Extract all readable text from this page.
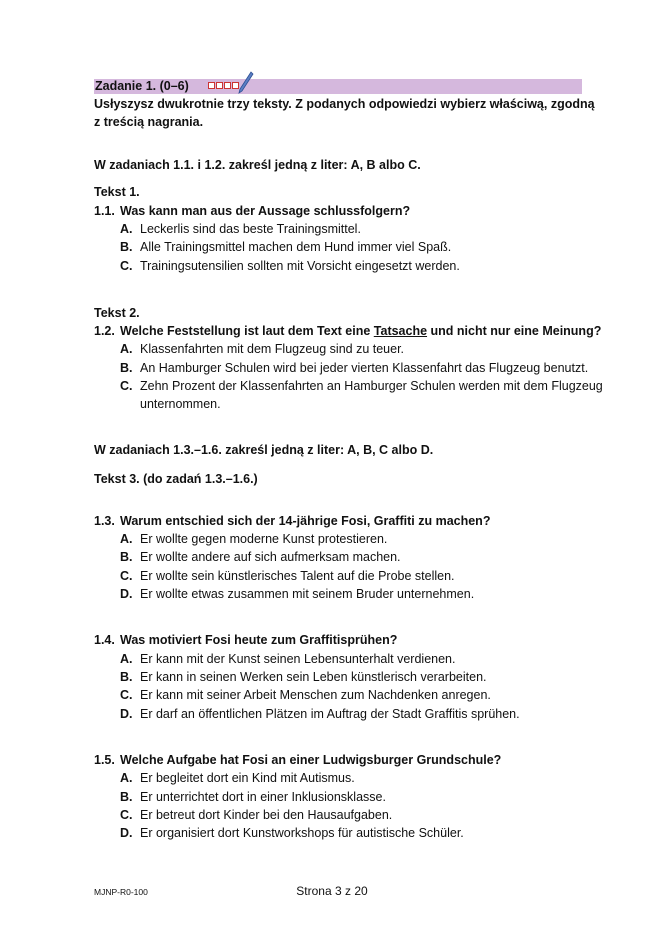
Zadanie 1. (0–6)
Usłyszysz dwukrotnie trzy teksty. Z podanych odpowiedzi wybierz właściwą, zgodną
z treścią nagrania.
W zadaniach 1.1. i 1.2. zakreśl jedną z liter: A, B albo C.
Tekst 1.
1.1. Was kann man aus der Aussage schlussfolgern?
A. Leckerlis sind das beste Trainingsmittel.
B. Alle Trainingsmittel machen dem Hund immer viel Spaß.
C. Trainingsutensilien sollten mit Vorsicht eingesetzt werden.
Tekst 2.
1.2. Welche Feststellung ist laut dem Text eine Tatsache und nicht nur eine Meinung?
A. Klassenfahrten mit dem Flugzeug sind zu teuer.
B. An Hamburger Schulen wird bei jeder vierten Klassenfahrt das Flugzeug benutzt.
C. Zehn Prozent der Klassenfahrten an Hamburger Schulen werden mit dem Flugzeug
unternommen.
W zadaniach 1.3.–1.6. zakreśl jedną z liter: A, B, C albo D.
Tekst 3. (do zadań 1.3.–1.6.)
1.3. Warum entschied sich der 14-jährige Fosi, Graffiti zu machen?
A. Er wollte gegen moderne Kunst protestieren.
B. Er wollte andere auf sich aufmerksam machen.
C. Er wollte sein künstlerisches Talent auf die Probe stellen.
D. Er wollte etwas zusammen mit seinem Bruder unternehmen.
1.4. Was motiviert Fosi heute zum Graffitisprühen?
A. Er kann mit der Kunst seinen Lebensunterhalt verdienen.
B. Er kann in seinen Werken sein Leben künstlerisch verarbeiten.
C. Er kann mit seiner Arbeit Menschen zum Nachdenken anregen.
D. Er darf an öffentlichen Plätzen im Auftrag der Stadt Graffitis sprühen.
1.5. Welche Aufgabe hat Fosi an einer Ludwigsburger Grundschule?
A. Er begleitet dort ein Kind mit Autismus.
B. Er unterrichtet dort in einer Inklusionsklasse.
C. Er betreut dort Kinder bei den Hausaufgaben.
D. Er organisiert dort Kunstworkshops für autistische Schüler.
MJNP-R0-100	Strona 3 z 20
